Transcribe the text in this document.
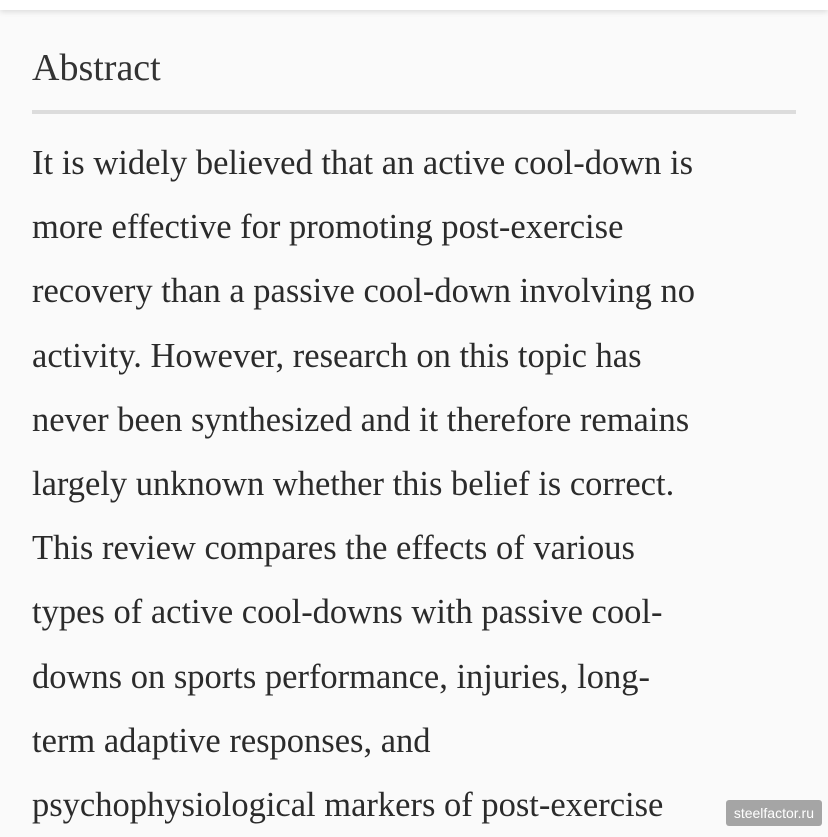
Abstract

It is widely believed that an active cool-down is
more effective for promoting post-exercise
recovery than a passive cool-down involving no
activity. However, research on this topic has
never been synthesized and it therefore remains
largely unknown whether this belief is correct.
This review compares the effects of various
types of active cool-downs with passive cool-
downs on sports performance, injuries, long-
term adaptive responses, and
psychophysiological markers of post-exercise	steelfactor.ru
